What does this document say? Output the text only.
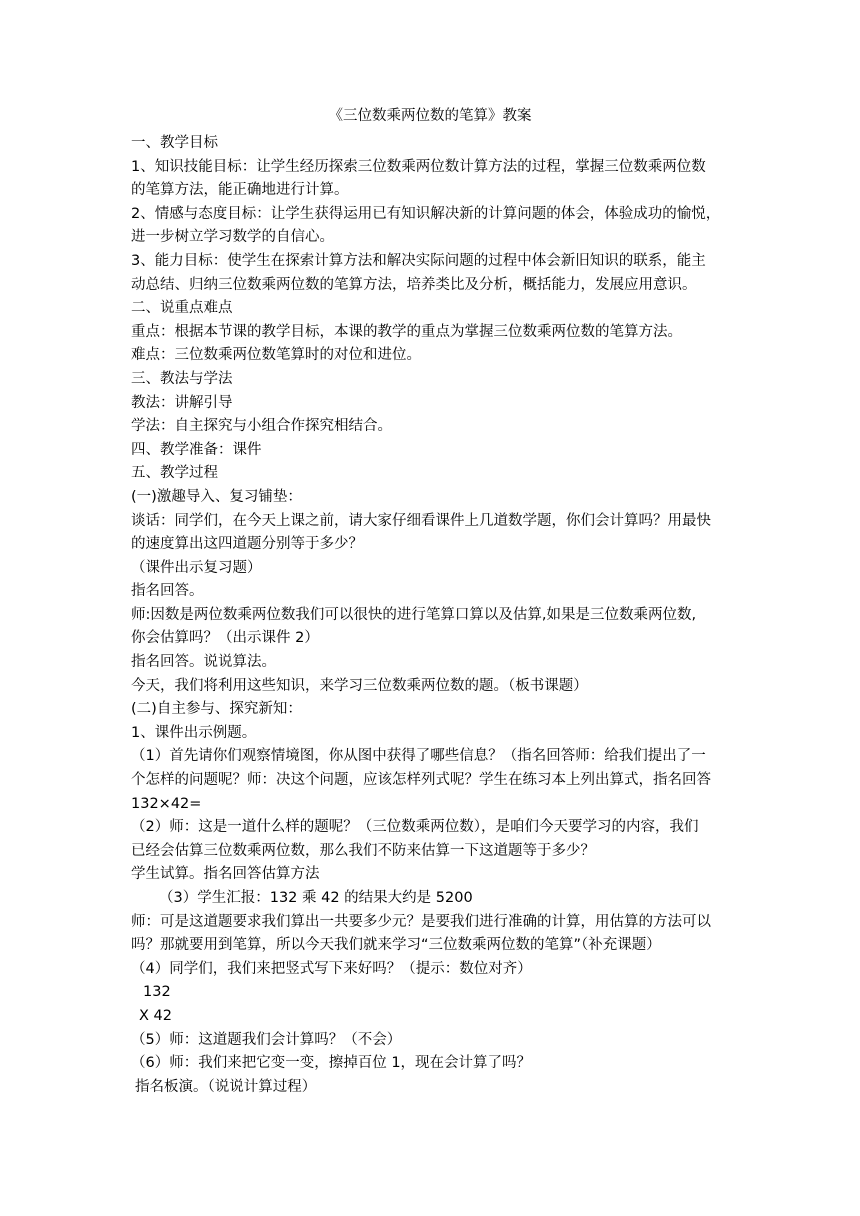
《三位数乘两位数的笔算》教案
一、教学目标
1、知识技能目标：让学生经历探索三位数乘两位数计算方法的过程，掌握三位数乘两位数
的笔算方法，能正确地进行计算。
2、情感与态度目标：让学生获得运用已有知识解决新的计算问题的体会，体验成功的愉悦，
进一步树立学习数学的自信心。
3、能力目标：使学生在探索计算方法和解决实际问题的过程中体会新旧知识的联系，能主
动总结、归纳三位数乘两位数的笔算方法，培养类比及分析，概括能力，发展应用意识。
二、说重点难点
重点：根据本节课的教学目标，本课的教学的重点为掌握三位数乘两位数的笔算方法。
难点：三位数乘两位数笔算时的对位和进位。
三、教法与学法
教法：讲解引导
学法：自主探究与小组合作探究相结合。
四、教学准备：课件
五、教学过程
(一)激趣导入、复习铺垫：
谈话：同学们，在今天上课之前，请大家仔细看课件上几道数学题，你们会计算吗？用最快
的速度算出这四道题分别等于多少？
（课件出示复习题）
指名回答。
师:因数是两位数乘两位数我们可以很快的进行笔算口算以及估算,如果是三位数乘两位数,
你会估算吗？（出示课件 2）
指名回答。说说算法。
今天，我们将利用这些知识，来学习三位数乘两位数的题。（板书课题）
(二)自主参与、探究新知：
1、课件出示例题。
（1）首先请你们观察情境图，你从图中获得了哪些信息？（指名回答师：给我们提出了一
个怎样的问题呢？师：决这个问题，应该怎样列式呢？学生在练习本上列出算式，指名回答
132×42=
（2）师：这是一道什么样的题呢？（三位数乘两位数），是咱们今天要学习的内容，我们
已经会估算三位数乘两位数，那么我们不防来估算一下这道题等于多少？
学生试算。指名回答估算方法
（3）学生汇报：132 乘 42 的结果大约是 5200
师：可是这道题要求我们算出一共要多少元？是要我们进行准确的计算，用估算的方法可以
吗？那就要用到笔算，所以今天我们就来学习“三位数乘两位数的笔算”（补充课题）
（4）同学们，我们来把竖式写下来好吗？（提示：数位对齐）
132
X 42
（5）师：这道题我们会计算吗？（不会）
（6）师：我们来把它变一变，擦掉百位 1，现在会计算了吗？
指名板演。（说说计算过程）
